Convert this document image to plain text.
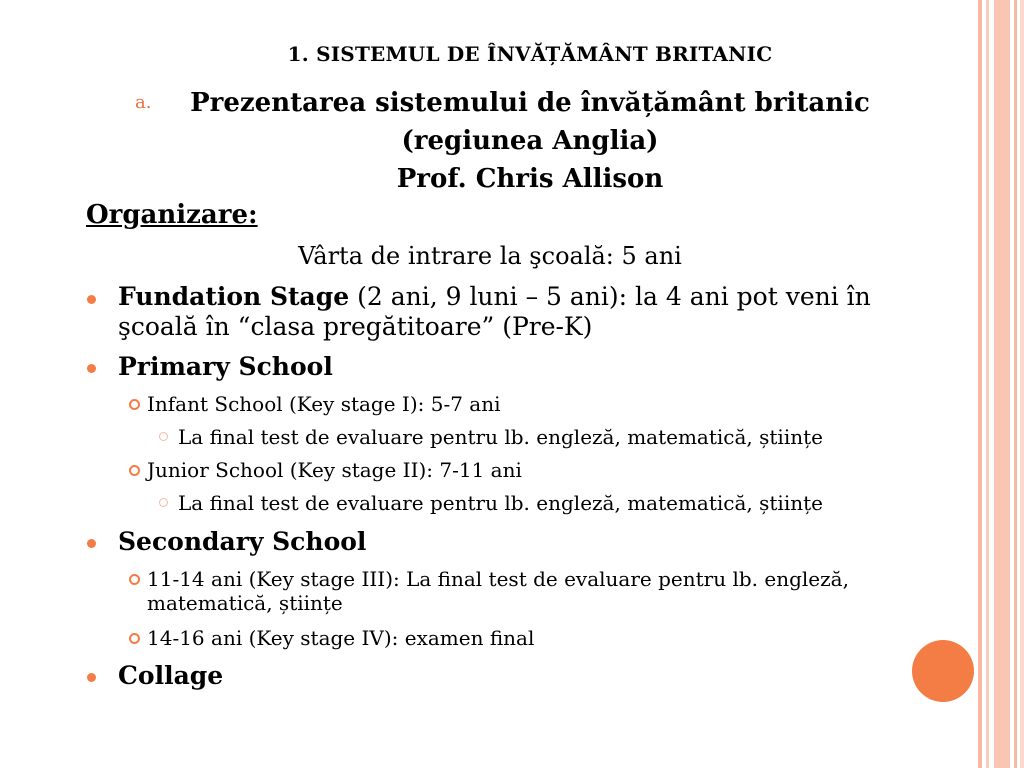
1. SISTEMUL DE ÎNVĂȚĂMÂNT BRITANIC
a.	Prezentarea sistemului de învățământ britanic
(regiunea Anglia)
Prof. Chris Allison
Organizare:
Vârta de intrare la şcoală: 5 ani
Fundation Stage (2 ani, 9 luni – 5 ani): la 4 ani pot veni în şcoală în “clasa pregătitoare” (Pre-K)
Primary School
Infant School (Key stage I): 5-7 ani
La final test de evaluare pentru lb. engleză, matematică, științe
Junior School (Key stage II): 7-11 ani
La final test de evaluare pentru lb. engleză, matematică, științe
Secondary School
11-14 ani (Key stage III): La final test de evaluare pentru lb. engleză, matematică, științe
14-16 ani (Key stage IV): examen final
Collage
